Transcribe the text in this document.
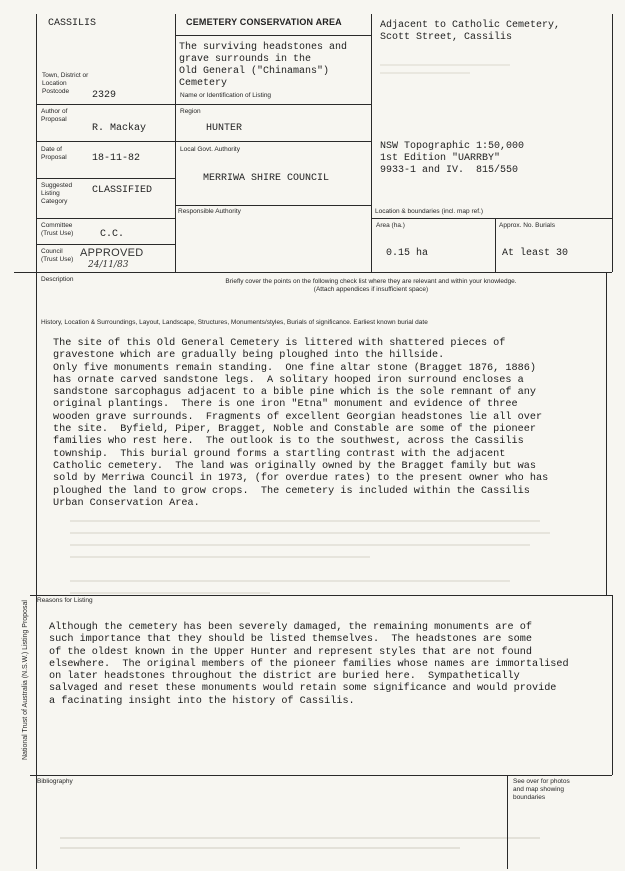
CASSILIS
Town, District or
Location
Postcode	2329
CEMETERY CONSERVATION AREA
The surviving headstones and
grave surrounds in the
Old General ("Chinamans")
Cemetery
Name or Identification of Listing
Adjacent to Catholic Cemetery,
Scott Street, Cassilis
Author of
Proposal
R. Mackay
Region
HUNTER
Date of
Proposal	18-11-82
Local Govt. Authority
MERRIWA SHIRE COUNCIL
NSW Topographic 1:50,000
1st Edition "UARRBY"
9933-1 and IV.  815/550
Suggested
Listing
Category
CLASSIFIED
Responsible Authority	Location & boundaries (incl. map ref.)
Committee
(Trust Use)	C.C.
Area (ha.)
0.15 ha
Approx. No. Burials
At least 30
Council
(Trust Use)
APPROVED
24/11/83
Description	Briefly cover the points on the following check list where they are relevant and within your knowledge.
(Attach appendices if insufficient space)
History, Location & Surroundings, Layout, Landscape, Structures, Monuments/styles, Burials of significance. Earliest known burial date
The site of this Old General Cemetery is littered with shattered pieces of
gravestone which are gradually being ploughed into the hillside.
Only five monuments remain standing.  One fine altar stone (Bragget 1876, 1886)
has ornate carved sandstone legs.  A solitary hooped iron surround encloses a
sandstone sarcophagus adjacent to a bible pine which is the sole remnant of any
original plantings.  There is one iron "Etna" monument and evidence of three
wooden grave surrounds.  Fragments of excellent Georgian headstones lie all over
the site.  Byfield, Piper, Bragget, Noble and Constable are some of the pioneer
families who rest here.  The outlook is to the southwest, across the Cassilis
township.  This burial ground forms a startling contrast with the adjacent
Catholic cemetery.  The land was originally owned by the Bragget family but was
sold by Merriwa Council in 1973, (for overdue rates) to the present owner who has
ploughed the land to grow crops.  The cemetery is included within the Cassilis
Urban Conservation Area.
Reasons for Listing
Although the cemetery has been severely damaged, the remaining monuments are of
such importance that they should be listed themselves.  The headstones are some
of the oldest known in the Upper Hunter and represent styles that are not found
elsewhere.  The original members of the pioneer families whose names are immortalised
on later headstones throughout the district are buried here.  Sympathetically
salvaged and reset these monuments would retain some significance and would provide
a facinating insight into the history of Cassilis.
Bibliography	See over for photos
and map showing
boundaries
National Trust of Australia (N.S.W.) Listing Proposal
